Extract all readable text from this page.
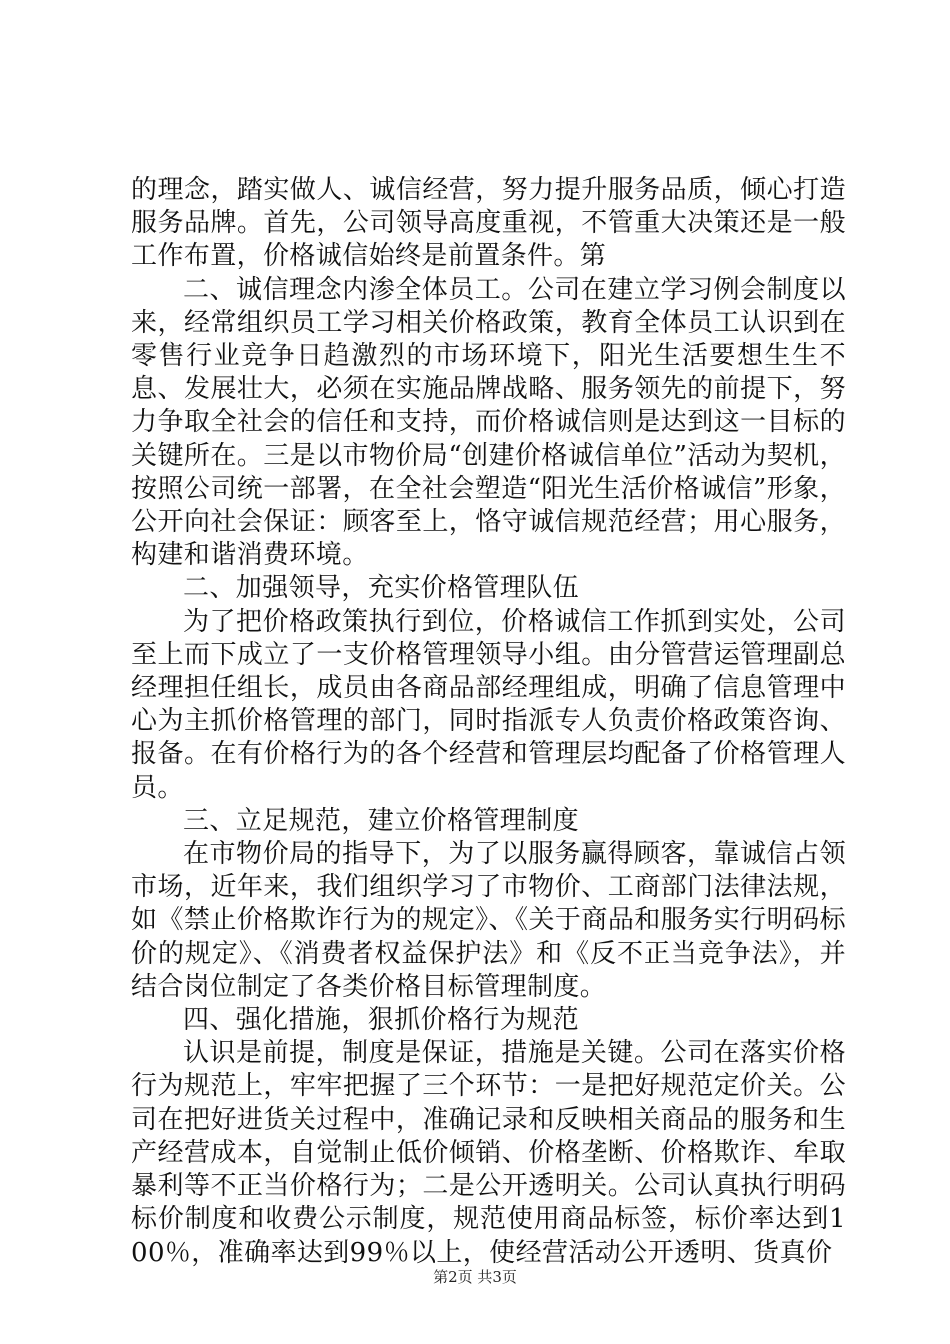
的理念，踏实做人、诚信经营，努力提升服务品质，倾心打造服务品牌。首先，公司领导高度重视，不管重大决策还是一般工作布置，价格诚信始终是前置条件。第

二、诚信理念内渗全体员工。公司在建立学习例会制度以来，经常组织员工学习相关价格政策，教育全体员工认识到在零售行业竞争日趋激烈的市场环境下，阳光生活要想生生不息、发展壮大，必须在实施品牌战略、服务领先的前提下，努力争取全社会的信任和支持，而价格诚信则是达到这一目标的关键所在。三是以市物价局“创建价格诚信单位”活动为契机，按照公司统一部署，在全社会塑造“阳光生活价格诚信”形象，公开向社会保证：顾客至上，恪守诚信规范经营；用心服务，构建和谐消费环境。

二、加强领导，充实价格管理队伍

为了把价格政策执行到位，价格诚信工作抓到实处，公司至上而下成立了一支价格管理领导小组。由分管营运管理副总经理担任组长，成员由各商品部经理组成，明确了信息管理中心为主抓价格管理的部门，同时指派专人负责价格政策咨询、报备。在有价格行为的各个经营和管理层均配备了价格管理人员。

三、立足规范，建立价格管理制度

在市物价局的指导下，为了以服务赢得顾客，靠诚信占领市场，近年来，我们组织学习了市物价、工商部门法律法规，如《禁止价格欺诈行为的规定》、《关于商品和服务实行明码标价的规定》、《消费者权益保护法》和《反不正当竞争法》，并结合岗位制定了各类价格目标管理制度。

四、强化措施，狠抓价格行为规范

认识是前提，制度是保证，措施是关键。公司在落实价格行为规范上，牢牢把握了三个环节：一是把好规范定价关。公司在把好进货关过程中，准确记录和反映相关商品的服务和生产经营成本，自觉制止低价倾销、价格垄断、价格欺诈、牟取暴利等不正当价格行为；二是公开透明关。公司认真执行明码标价制度和收费公示制度，规范使用商品标签，标价率达到100％，准确率达到99％以上，使经营活动公开透明、货真价

第2页 共3页
